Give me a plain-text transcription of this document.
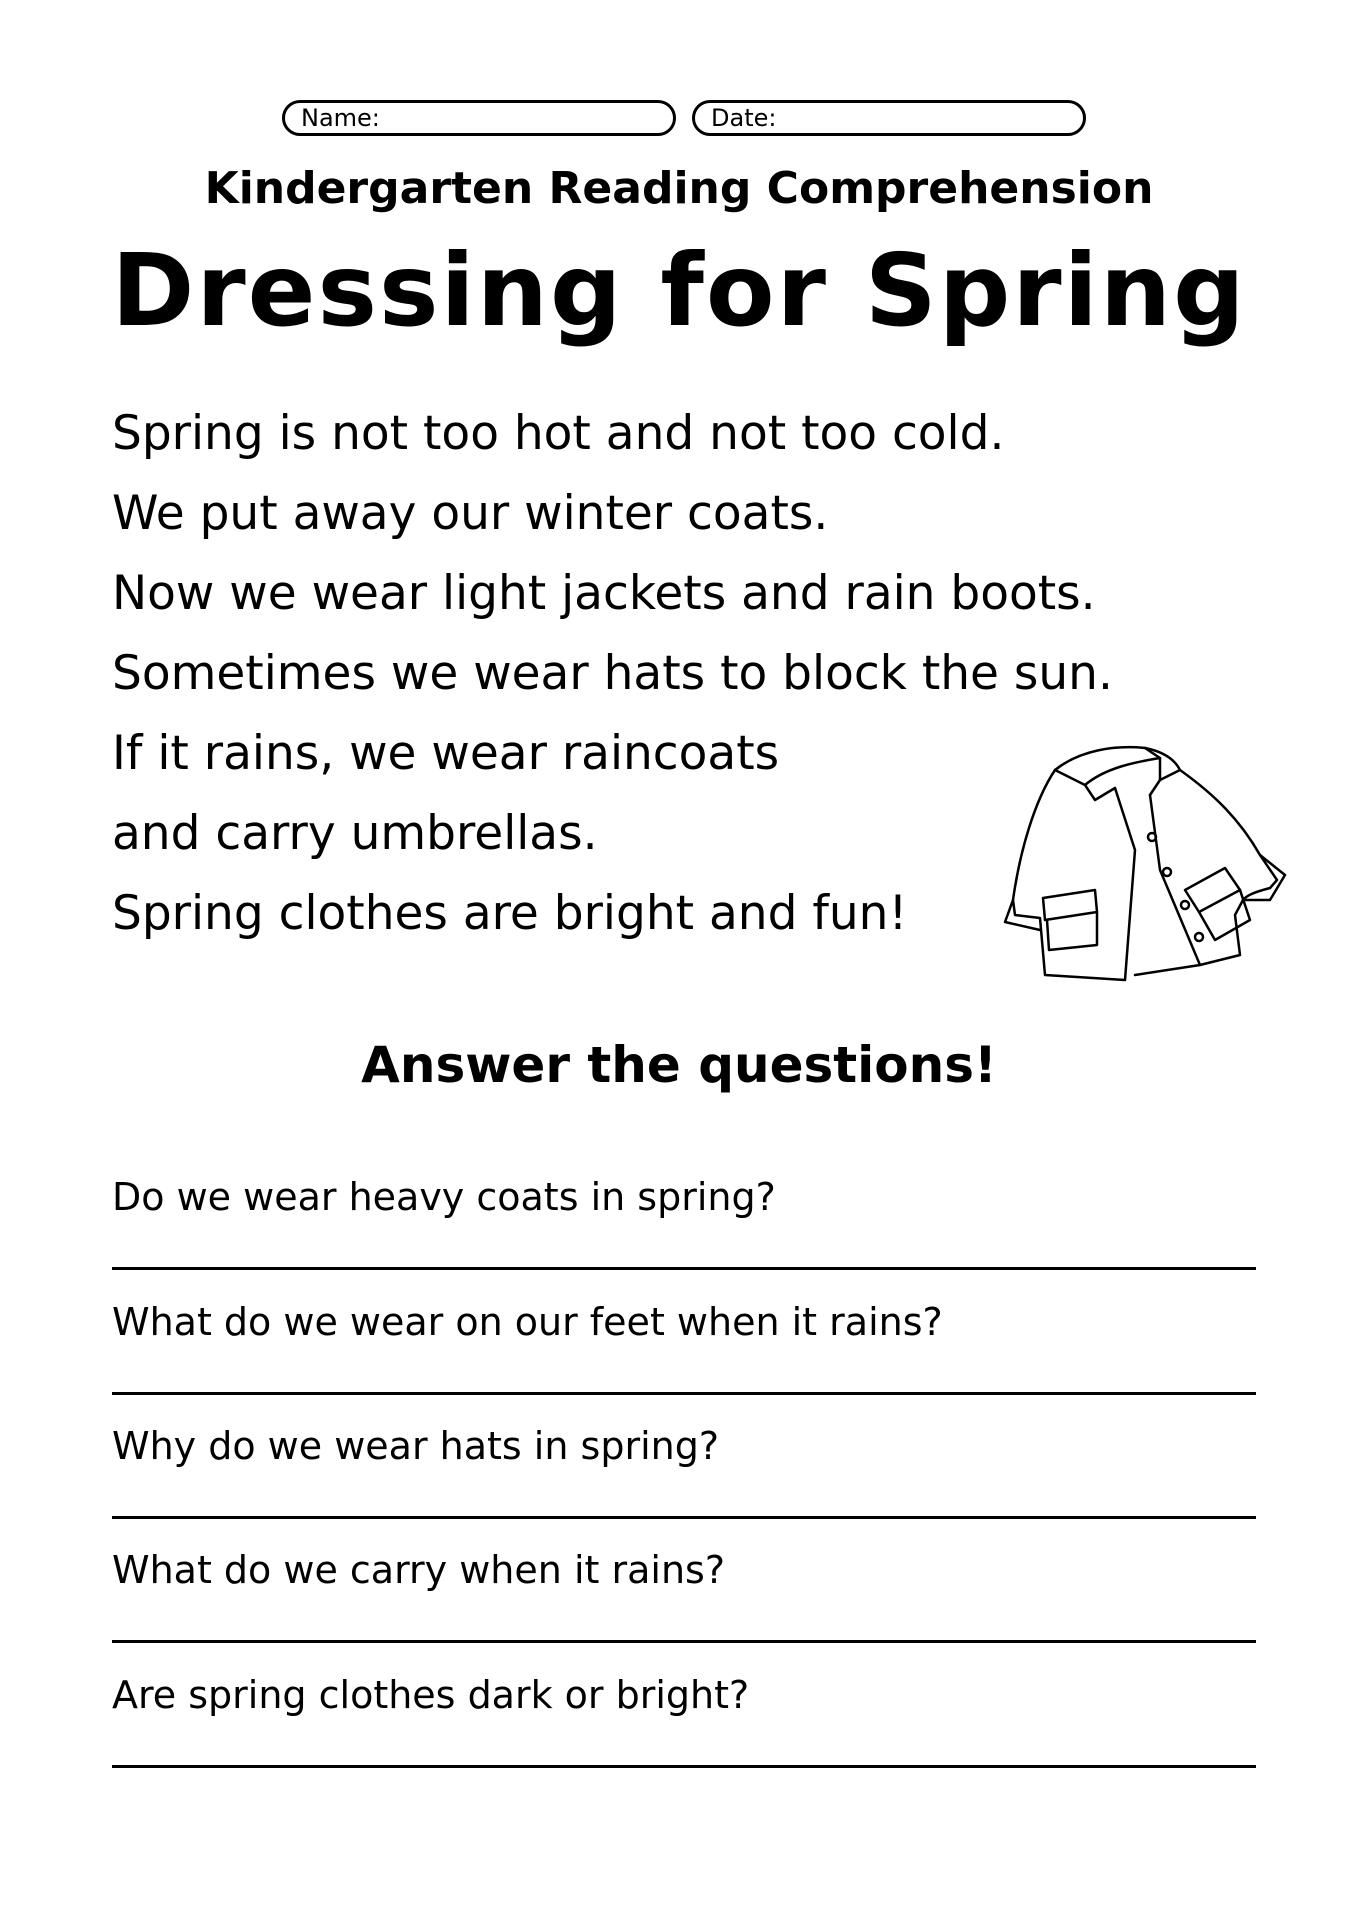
Name:	Date:
Kindergarten Reading Comprehension
Dressing for Spring
Spring is not too hot and not too cold.
We put away our winter coats.
Now we wear light jackets and rain boots.
Sometimes we wear hats to block the sun.
If it rains, we wear raincoats
and carry umbrellas.
Spring clothes are bright and fun!
Answer the questions!
Do we wear heavy coats in spring?
What do we wear on our feet when it rains?
Why do we wear hats in spring?
What do we carry when it rains?
Are spring clothes dark or bright?
